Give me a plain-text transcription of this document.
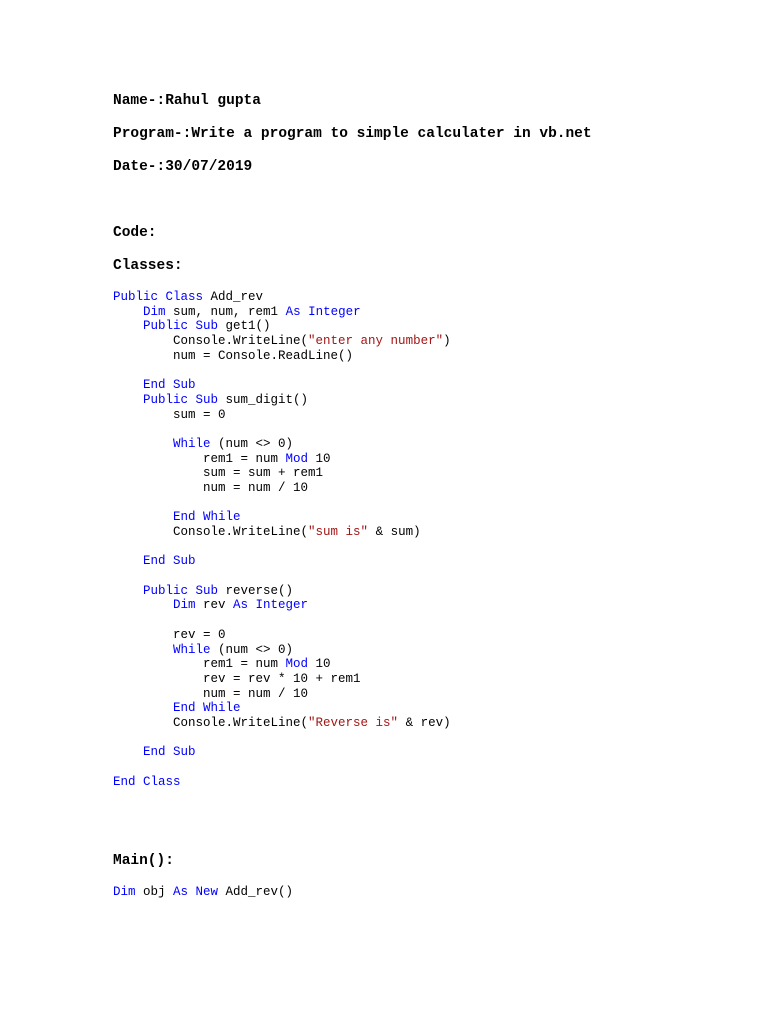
Name-:Rahul gupta

Program-:Write a program to simple calculater in vb.net

Date-:30/07/2019

Code:

Classes:

Public Class Add_rev
Dim sum, num, rem1 As Integer
Public Sub get1()
Console.WriteLine("enter any number")
num = Console.ReadLine()

End Sub
Public Sub sum_digit()
sum = 0

While (num <> 0)
rem1 = num Mod 10
sum = sum + rem1
num = num / 10

End While
Console.WriteLine("sum is" & sum)

End Sub

Public Sub reverse()
Dim rev As Integer

rev = 0
While (num <> 0)
rem1 = num Mod 10
rev = rev * 10 + rem1
num = num / 10
End While
Console.WriteLine("Reverse is" & rev)

End Sub

End Class

Main():

Dim obj As New Add_rev()
